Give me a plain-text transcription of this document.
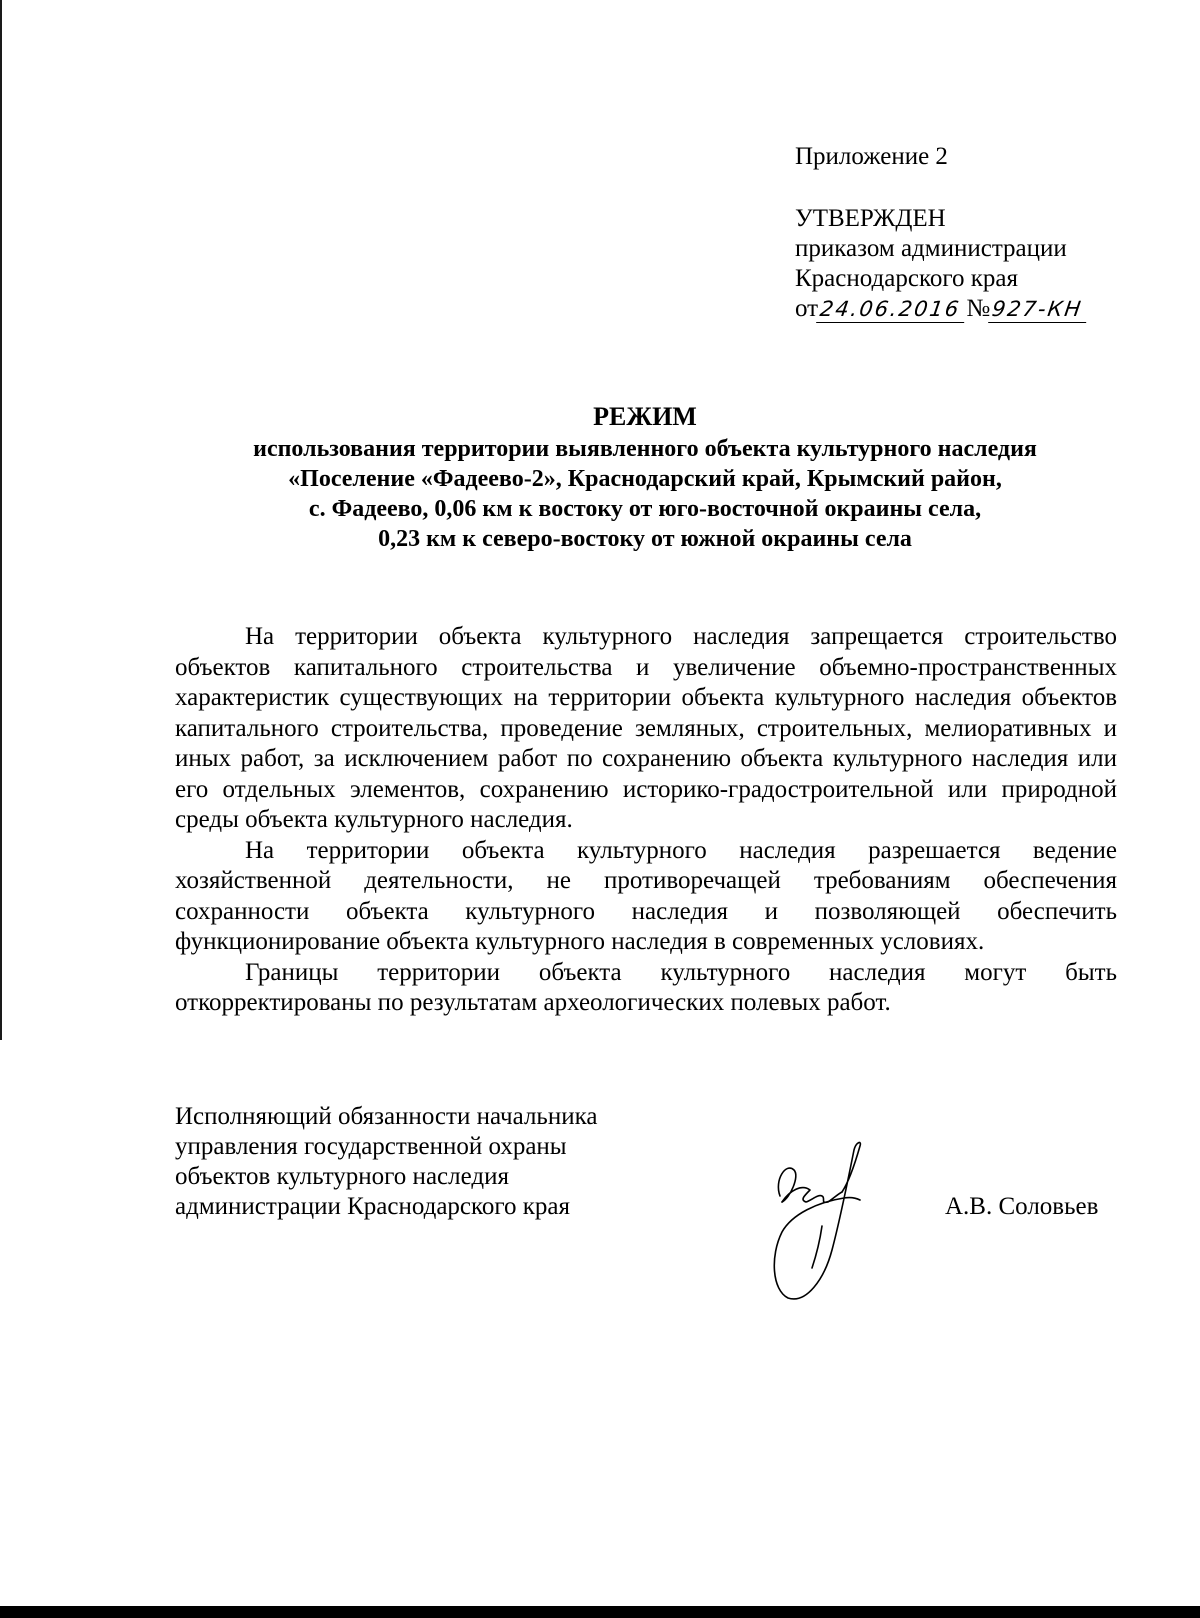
Приложение 2

УТВЕРЖДЕН

приказом администрации

Краснодарского края

от24.06.2016 №927-КН

РЕЖИМ
использования территории выявленного объекта культурного наследия
«Поселение «Фадеево-2», Краснодарский край, Крымский район,
с. Фадеево, 0,06 км к востоку от юго-восточной окраины села,
0,23 км к северо-востоку от южной окраины села

На территории объекта культурного наследия запрещается строительство объектов капитального строительства и увеличение объемно-пространственных характеристик существующих на территории объекта культурного наследия объектов капитального строительства, проведение земляных, строительных, мелиоративных и иных работ, за исключением работ по сохранению объекта культурного наследия или его отдельных элементов, сохранению историко-градостроительной или природной среды объекта культурного наследия.

На территории объекта культурного наследия разрешается ведение хозяйственной деятельности, не противоречащей требованиям обеспечения сохранности объекта культурного наследия и позволяющей обеспечить функционирование объекта культурного наследия в современных условиях.

Границы территории объекта культурного наследия могут быть откорректированы по результатам археологических полевых работ.

Исполняющий обязанности начальника
управления государственной охраны
объектов культурного наследия
администрации Краснодарского края	А.В. Соловьев
